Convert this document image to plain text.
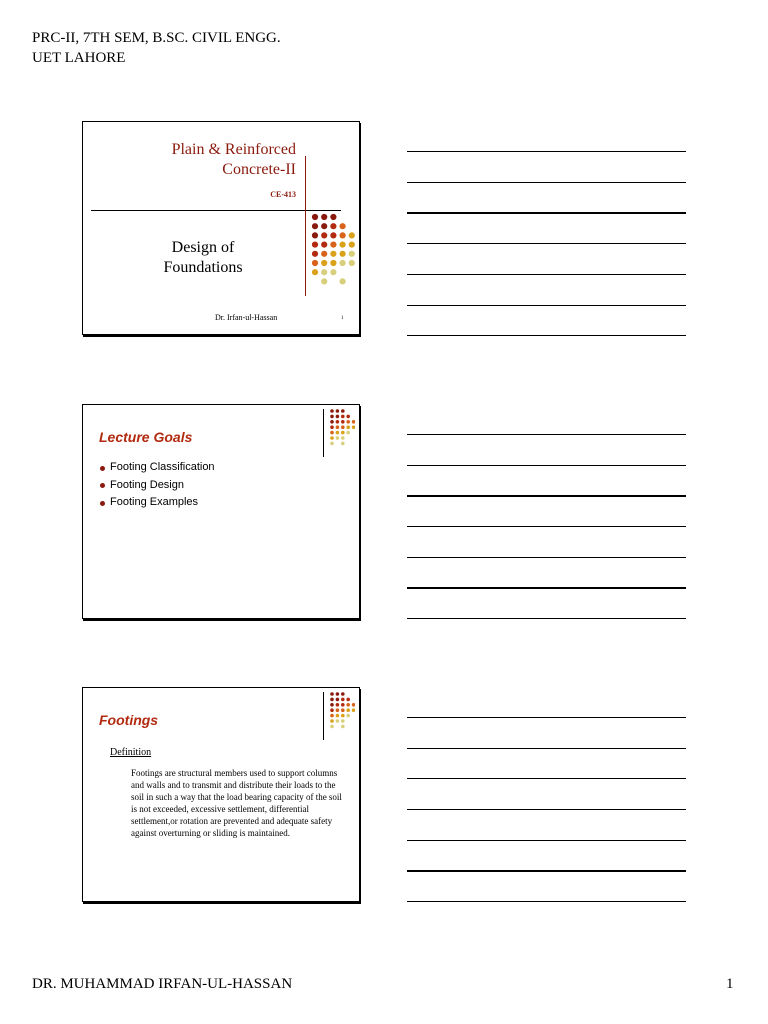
PRC-II, 7TH SEM, B.SC. CIVIL ENGG.
UET LAHORE
Plain & Reinforced
Concrete-II
CE-413
Design of
Foundations
Dr. Irfan-ul-Hassan	1
Lecture Goals
Footing Classification
Footing Design
Footing Examples
Footings
Definition
Footings are structural members used to support columns and walls and to transmit and distribute their loads to the soil in such a way that the load bearing capacity of the soil is not exceeded, excessive settlement, differential settlement,or rotation are prevented and adequate safety against overturning or sliding is maintained.
DR. MUHAMMAD IRFAN-UL-HASSAN	1
